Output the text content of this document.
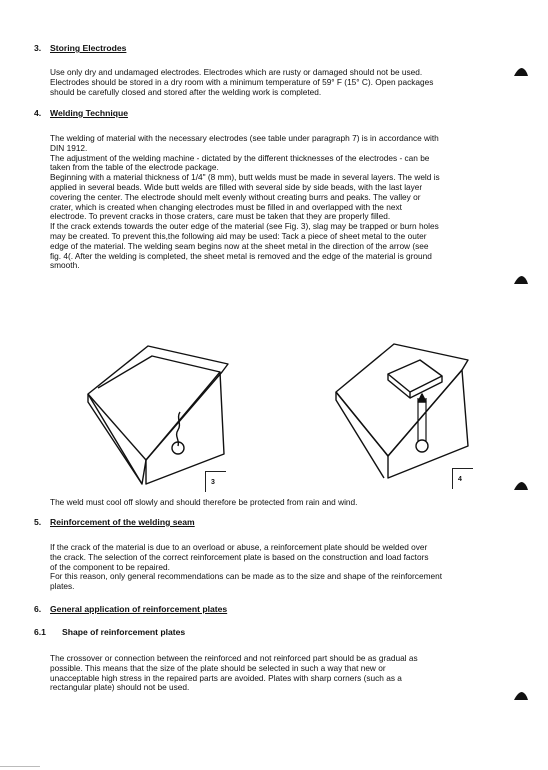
3. Storing Electrodes
Use only dry and undamaged electrodes. Electrodes which are rusty or damaged should not be used.
Electrodes should be stored in a dry room with a minimum temperature of 59° F (15° C). Open packages
should be carefully closed and stored after the welding work is completed.
4. Welding Technique
The welding of material with the necessary electrodes (see table under paragraph 7) is in accordance with
DIN 1912.
The adjustment of the welding machine - dictated by the different thicknesses of the electrodes - can be
taken from the table of the electrode package.
Beginning with a material thickness of 1/4" (8 mm), butt welds must be made in several layers. The weld is
applied in several beads. Wide butt welds are filled with several side by side beads, with the last layer
covering the center. The electrode should melt evenly without creating burrs and peaks. The valley or
crater, which is created when changing electrodes must be filled in and overlapped with the next
electrode. To prevent cracks in those craters, care must be taken that they are properly filled.
If the crack extends towards the outer edge of the material (see Fig. 3), slag may be trapped or burn holes
may be created. To prevent this,the following aid may be used: Tack a piece of sheet metal to the outer
edge of the material. The welding seam begins now at the sheet metal in the direction of the arrow (see
fig. 4(. After the welding is completed, the sheet metal is removed and the edge of the material is ground
smooth.
3	4
The weld must cool off slowly and should therefore be protected from rain and wind.
5. Reinforcement of the welding seam
If the crack of the material is due to an overload or abuse, a reinforcement plate should be welded over
the crack. The selection of the correct reinforcement plate is based on the construction and load factors
of the component to be repaired.
For this reason, only general recommendations can be made as to the size and shape of the reinforcement
plates.
6. General application of reinforcement plates
6.1 Shape of reinforcement plates
The crossover or connection between the reinforced and not reinforced part should be as gradual as
possible. This means that the size of the plate should be selected in such a way that new or
unacceptable high stress in the repaired parts are avoided. Plates with sharp corners (such as a
rectangular plate) should not be used.
